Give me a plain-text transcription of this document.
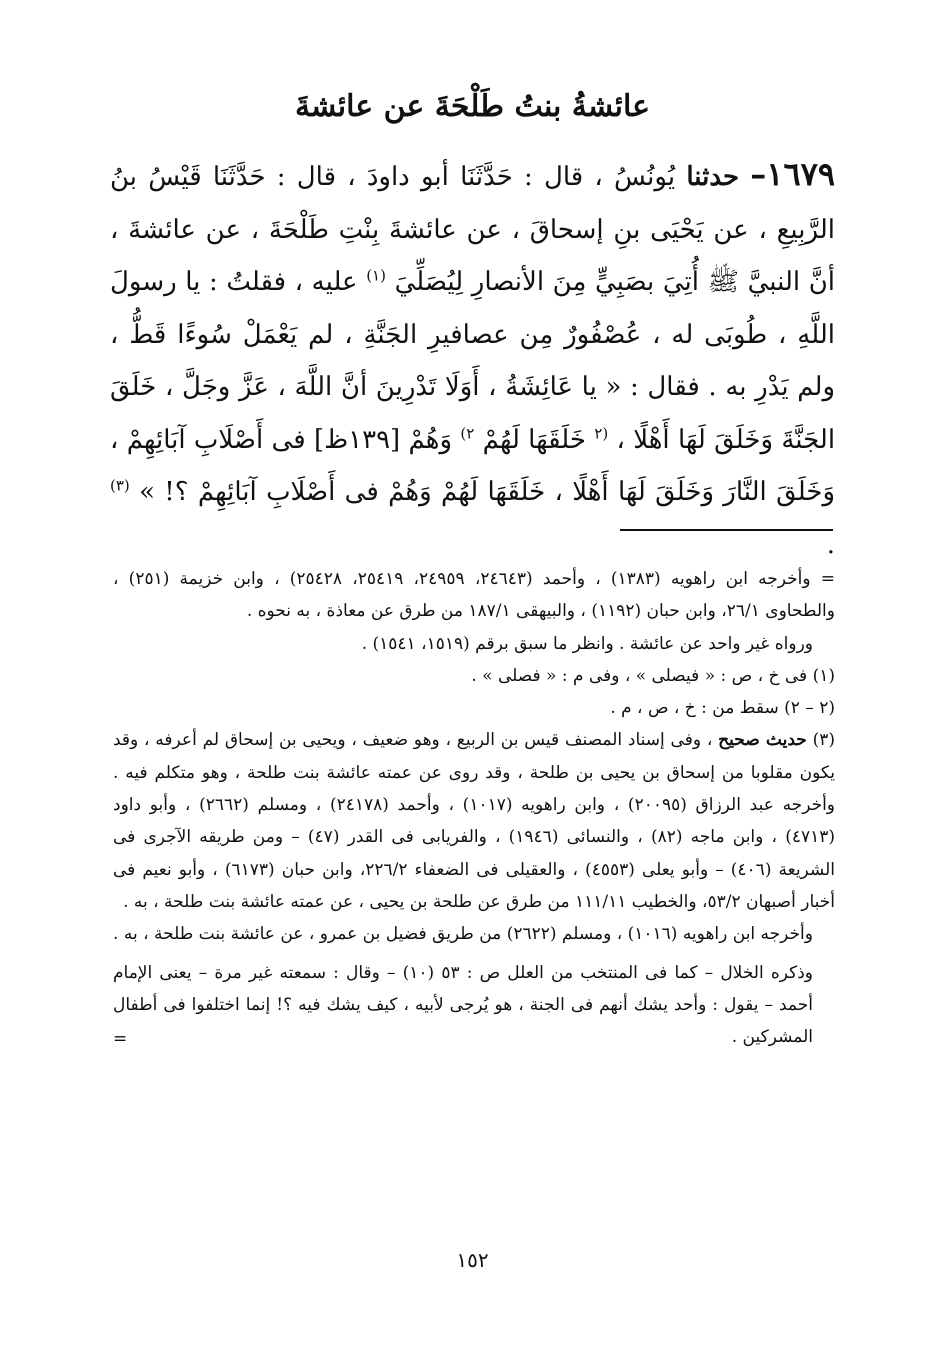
عائشةُ بنتُ طَلْحَةَ عن عائشةَ

١٦٧٩– حدثنا يُونُسُ ، قال : حَدَّثَنَا أبو داودَ ، قال : حَدَّثَنَا قَيْسُ بنُ الرَّبِيعِ ، عن يَحْيَى بنِ إسحاقَ ، عن عائشةَ بِنْتِ طَلْحَةَ ، عن عائشةَ ، أنَّ النبيَّ ﷺ أُتِيَ بصَبِيٍّ مِنَ الأنصارِ لِيُصَلِّيَ $^{(١)}$ عليه ، فقلتُ : يا رسولَ اللَّهِ ، طُوبَى له ، عُصْفُورٌ مِن عصافيرِ الجَنَّةِ ، لم يَعْمَلْ سُوءًا قَطُّ ، ولم يَدْرِ به . فقال : « يا عَائِشَةُ ، أَوَلَا تَدْرِينَ أنَّ اللَّهَ ، عَزَّ وجَلَّ ، خَلَقَ الجَنَّةَ وَخَلَقَ لَهَا أَهْلًا ، $^{(٢}$ خَلَقَهَا لَهُمْ $^{٢)}$ وَهُمْ [١٣٩ظ] فى أَصْلَابِ آبَائِهِمْ ، وَخَلَقَ النَّارَ وَخَلَقَ لَهَا أَهْلًا ، خَلَقَهَا لَهُمْ وَهُمْ فى أَصْلَابِ آبَائِهِمْ ؟! » $^{(٣)}$ .

= وأخرجه ابن راهويه (١٣٨٣) ، وأحمد (٢٤٦٤٣، ٢٤٩٥٩، ٢٥٤١٩، ٢٥٤٢٨) ، وابن خزيمة (٢٥١) ، والطحاوى ٢٦/١، وابن حبان (١١٩٢) ، والبيهقى ١٨٧/١ من طرق عن معاذة ، به نحوه .

ورواه غير واحد عن عائشة . وانظر ما سبق برقم (١٥١٩، ١٥٤١) .

(١) فى خ ، ص : « فيصلى » ، وفى م : « فصلى » .

(٢ – ٢) سقط من : خ ، ص ، م .

(٣) حديث صحيح ، وفى إسناد المصنف قيس بن الربيع ، وهو ضعيف ، ويحيى بن إسحاق لم أعرفه ، وقد يكون مقلوبا من إسحاق بن يحيى بن طلحة ، وقد روى عن عمته عائشة بنت طلحة ، وهو متكلم فيه . وأخرجه عبد الرزاق (٢٠٠٩٥) ، وابن راهويه (١٠١٧) ، وأحمد (٢٤١٧٨) ، ومسلم (٢٦٦٢) ، وأبو داود (٤٧١٣) ، وابن ماجه (٨٢) ، والنسائى (١٩٤٦) ، والفريابى فى القدر (٤٧) – ومن طريقه الآجرى فى الشريعة (٤٠٦) – وأبو يعلى (٤٥٥٣) ، والعقيلى فى الضعفاء ٢٢٦/٢، وابن حبان (٦١٧٣) ، وأبو نعيم فى أخبار أصبهان ٥٣/٢، والخطيب ١١١/١١ من طرق عن طلحة بن يحيى ، عن عمته عائشة بنت طلحة ، به .

وأخرجه ابن راهويه (١٠١٦) ، ومسلم (٢٦٢٢) من طريق فضيل بن عمرو ، عن عائشة بنت طلحة ، به .

وذكره الخلال – كما فى المنتخب من العلل ص : ٥٣ (١٠) – وقال : سمعته غير مرة – يعنى الإمام أحمد – يقول : وأحد يشك أنهم فى الجنة ، هو يُرجى لأبيه ، كيف يشك فيه ؟! إنما اختلفوا فى أطفال المشركين .

=

١٥٢
